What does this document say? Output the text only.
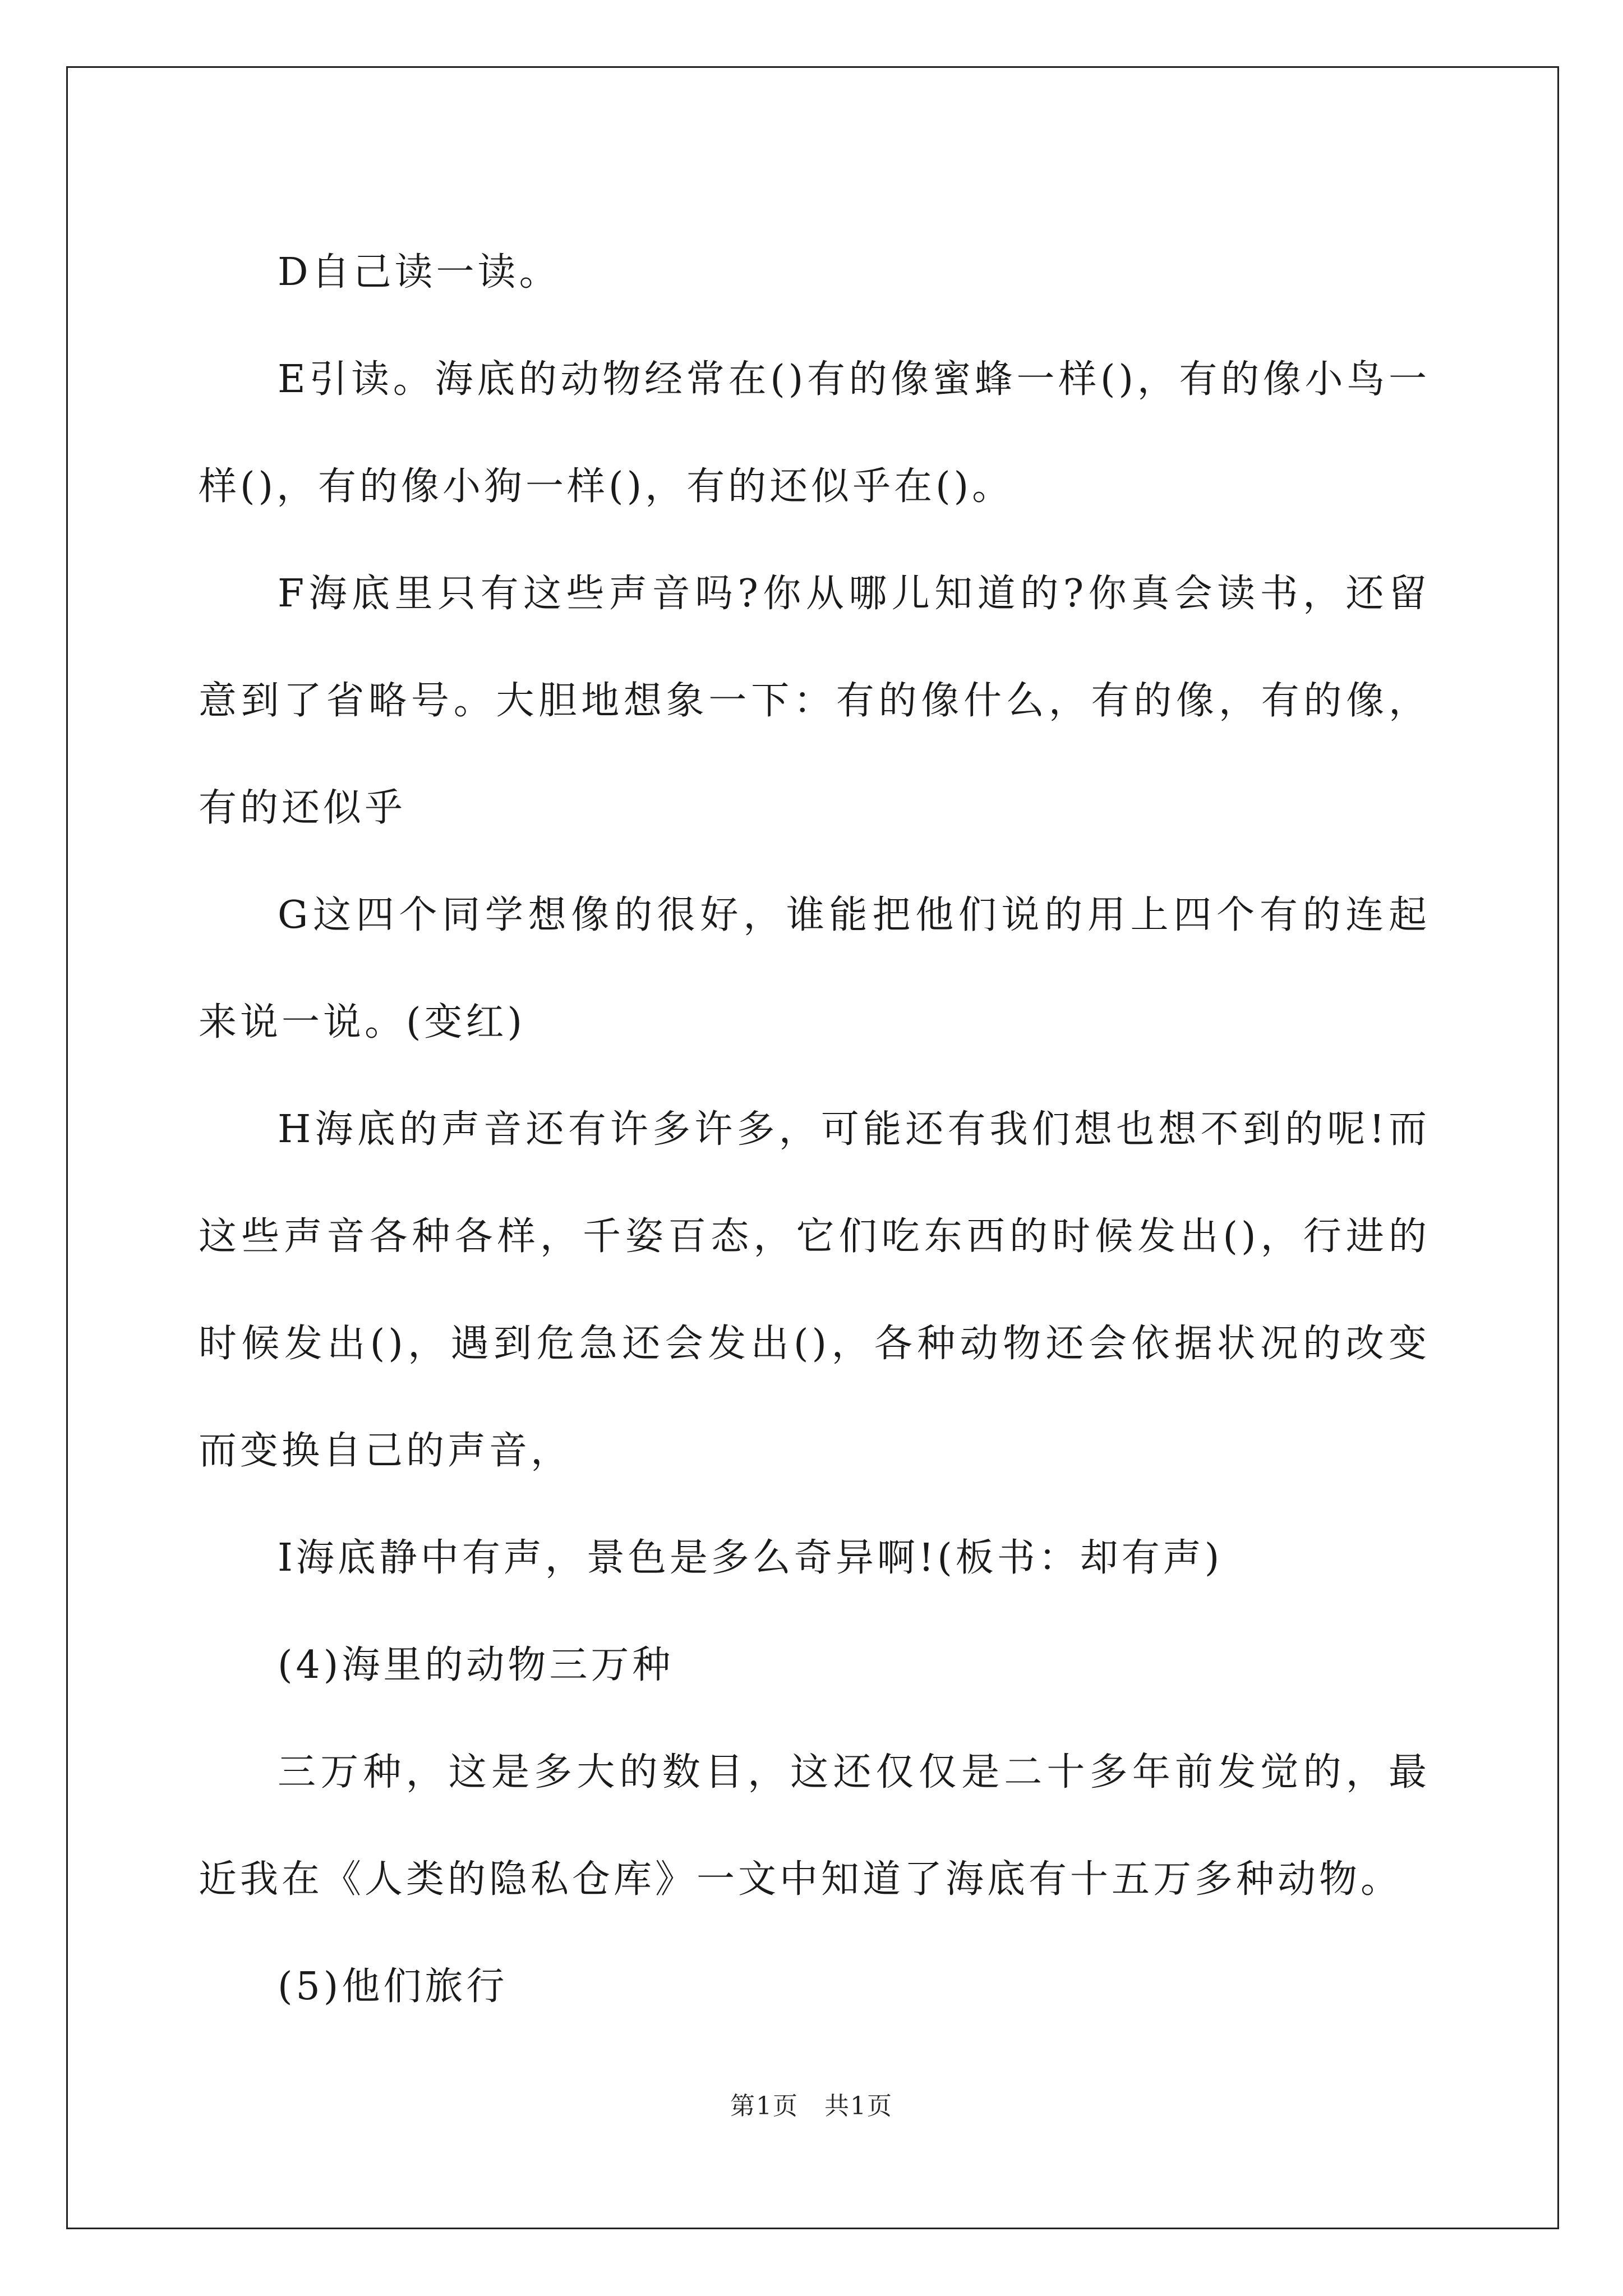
D自己读一读。

E引读。海底的动物经常在()有的像蜜蜂一样()，有的像小鸟一样()，有的像小狗一样()，有的还似乎在()。

F海底里只有这些声音吗?你从哪儿知道的?你真会读书，还留意到了省略号。大胆地想象一下：有的像什么，有的像，有的像，有的还似乎

G这四个同学想像的很好，谁能把他们说的用上四个有的连起来说一说。(变红)

H海底的声音还有许多许多，可能还有我们想也想不到的呢!而这些声音各种各样，千姿百态，它们吃东西的时候发出()，行进的时候发出()，遇到危急还会发出()，各种动物还会依据状况的改变而变换自己的声音，

I海底静中有声，景色是多么奇异啊!(板书：却有声)

(4)海里的动物三万种

三万种，这是多大的数目，这还仅仅是二十多年前发觉的，最近我在《人类的隐私仓库》一文中知道了海底有十五万多种动物。

(5)他们旅行

第1页　共1页
